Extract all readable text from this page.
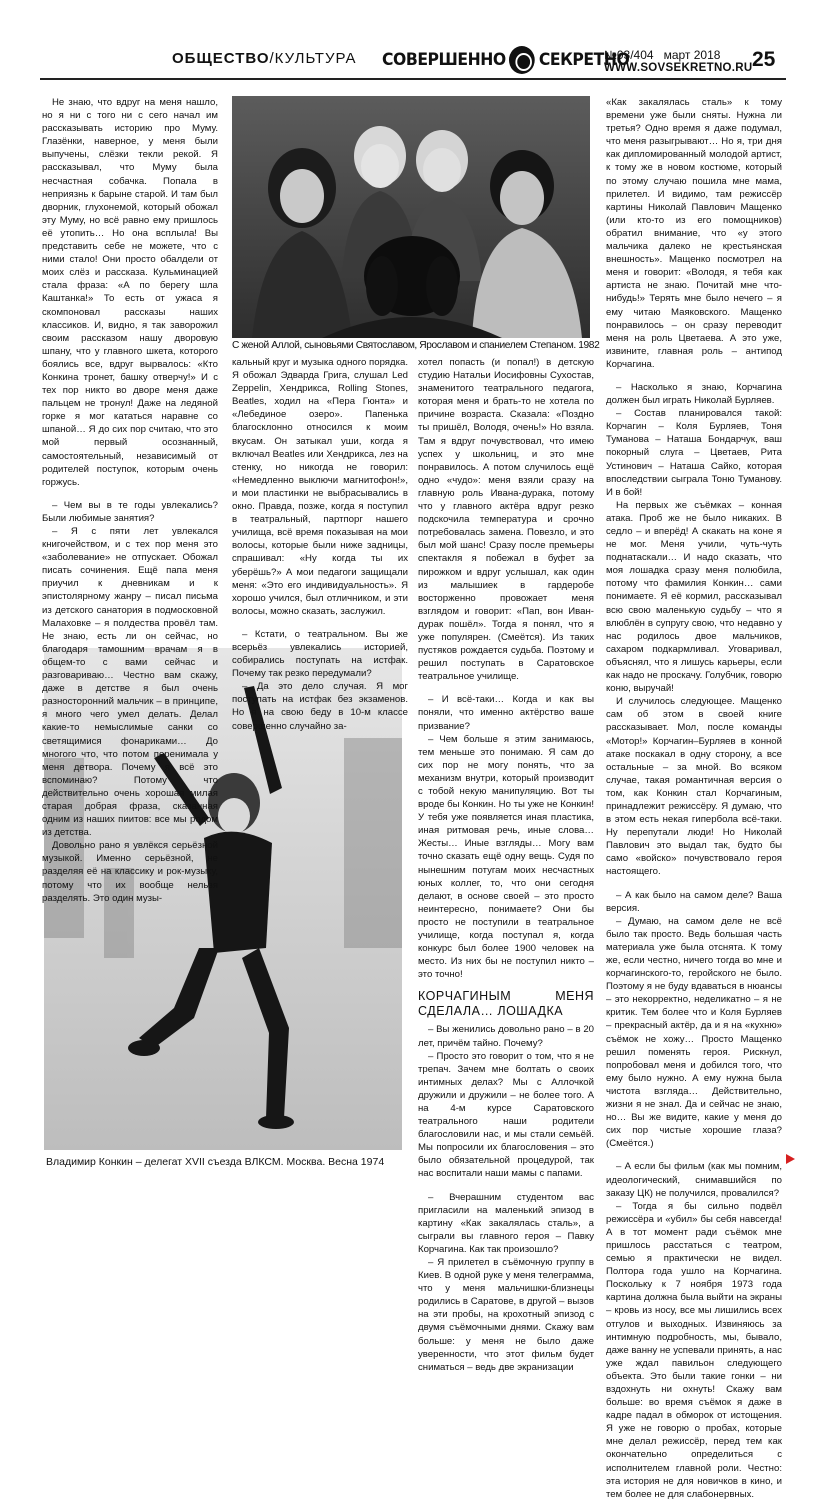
ОБЩЕСТВО/КУЛЬТУРА СОВЕРШЕННО СЕКРЕТНО
№03/404   март 2018
WWW.SOVSEKRETNO.RU 25
С женой Аллой, сыновьями Святославом, Ярославом и спаниелем Степаном. 1982
Владимир Конкин – делегат XVII съезда ВЛКСМ. Москва. Весна 1974

Не знаю, что вдруг на меня нашло, но я ни с того ни с сего начал им рассказывать историю про Муму. Глазёнки, наверное, у меня были выпучены, слёзки текли рекой. Я рассказывал, что Муму была несчастная собачка. Попала в неприязнь к барыне старой. И там был дворник, глухонемой, который обожал эту Муму, но всё равно ему пришлось её утопить… Но она всплыла! Вы представить себе не можете, что с ними стало! Они просто обалдели от моих слёз и рассказа. Кульминацией стала фраза: «А по берегу шла Каштанка!» То есть от ужаса я скомпоновал рассказы наших классиков. И, видно, я так заворожил своим рассказом нашу дворовую шпану, что у главного шкета, которого боялись все, вдруг вырвалось: «Кто Конкина тронет, башку отверчу!» И с тех пор никто во дворе меня даже пальцем не тронул! Даже на ледяной горке я мог кататься наравне со шпаной… Я до сих пор считаю, что это мой первый осознанный, самостоятельный, независимый от родителей поступок, которым очень горжусь.

– Чем вы в те годы увлекались? Были любимые занятия?

– Я с пяти лет увлекался книгочейством, и с тех пор меня это «заболевание» не отпускает. Обожал писать сочинения. Ещё папа меня приучил к дневникам и к эпистолярному жанру – писал письма из детского санатория в подмосковной Малаховке – я полдества провёл там. Не знаю, есть ли он сейчас, но благодаря тамошним врачам я в общем-то с вами сейчас и разговариваю… Честно вам скажу, даже в детстве я был очень разносторонний мальчик – в принципе, я много чего умел делать. Делал какие-то немыслимые санки со светящимися фонариками… До многого что, что потом перенимала у меня детвора. Почему я всё это вспоминаю? Потому что действительно очень хорошая милая старая добрая фраза, сказанная одним из наших пиитов: все мы родом из детства.

Довольно рано я увлёкся серьёзной музыкой. Именно серьёзной, не разделяя её на классику и рок-музыку, потому что их вообще нельзя разделять. Это один музы-

кальный круг и музыка одного порядка. Я обожал Эдварда Грига, слушал Led Zeppelin, Хендрикса, Rolling Stones, Beatles, ходил на «Пера Гюнта» и «Лебединое озеро». Папенька благосклонно относился к моим вкусам. Он затыкал уши, когда я включал Beatles или Хендрикса, лез на стенку, но никогда не говорил: «Немедленно выключи магнитофон!», и мои пластинки не выбрасывались в окно. Правда, позже, когда я поступил в театральный, партпорг нашего училища, всё время показывая на мои волосы, которые были ниже задницы, спрашивал: «Ну когда ты их уберёшь?» А мои педагоги защищали меня: «Это его индивидуальность». Я хорошо учился, был отличником, и эти волосы, можно сказать, заслужил.

– Кстати, о театральном. Вы же всерьёз увлекались историей, собирались поступать на истфак. Почему так резко передумали?

– Да это дело случая. Я мог поступать на истфак без экзаменов. Но я на свою беду в 10-м классе совершенно случайно за-

хотел попасть (и попал!) в детскую студию Натальи Иосифовны Сухостав, знаменитого театрального педагога, которая меня и брать-то не хотела по причине возраста. Сказала: «Поздно ты пришёл, Володя, очень!» Но взяла. Там я вдруг почувствовал, что имею успех у школьниц, и это мне понравилось. А потом случилось ещё одно «чудо»: меня взяли сразу на главную роль Ивана-дурака, потому что у главного актёра вдруг резко подскочила температура и срочно потребовалась замена. Повезло, и это был мой шанс! Сразу после премьеры спектакля я побежал в буфет за пирожком и вдруг услышал, как один из малышиек в гардеробе восторженно провожает меня взглядом и говорит: «Пап, вон Иван-дурак пошёл». Тогда я понял, что я уже популярен. (Смеётся). Из таких пустяков рождается судьба. Поэтому и решил поступать в Саратовское театральное училище.

– И всё-таки… Когда и как вы поняли, что именно актёрство ваше призвание?

– Чем больше я этим занимаюсь, тем меньше это понимаю. Я сам до сих пор не могу понять, что за механизм внутри, который производит с тобой некую манипуляцию. Вот ты вроде бы Конкин. Но ты уже не Конкин! У тебя уже появляется иная пластика, иная ритмовая речь, иные слова… Жесты… Иные взгляды… Могу вам точно сказать ещё одну вещь. Судя по нынешним потугам моих несчастных юных коллег, то, что они сегодня делают, в основе своей – это просто неинтересно, понимаете? Они бы просто не поступили в театральное училище, когда поступал я, когда конкурс был более 1900 человек на место. Из них бы не поступил никто – это точно!

КОРЧАГИНЫМ МЕНЯ СДЕЛАЛА… ЛОШАДКА

– Вы женились довольно рано – в 20 лет, причём тайно. Почему?

– Просто это говорит о том, что я не трепач. Зачем мне болтать о своих интимных делах? Мы с Аллочкой дружили и дружили – не более того. А на 4-м курсе Саратовского театрального наши родители благословили нас, и мы стали семьёй. Мы попросили их благословения – это было обязательной процедурой, так нас воспитали наши мамы с папами.

– Вчерашним студентом вас пригласили на маленький эпизод в картину «Как закалялась сталь», а сыграли вы главного героя – Павку Корчагина. Как так произошло?

– Я прилетел в съёмочную группу в Киев. В одной руке у меня телеграмма, что у меня мальчишки-близнецы родились в Саратове, в другой – вызов на эти пробы, на крохотный эпизод с двумя съёмочными днями. Скажу вам больше: у меня не было даже уверенности, что этот фильм будет сниматься – ведь две экранизации

«Как закалялась сталь» к тому времени уже были сняты. Нужна ли третья? Одно время я даже подумал, что меня разыгрывают… Но я, три дня как дипломированный молодой артист, к тому же в новом костюме, который по этому случаю пошила мне мама, прилетел. И видимо, там режиссёр картины Николай Павлович Мащенко (или кто-то из его помощников) обратил внимание, что «у этого мальчика далеко не крестьянская внешность». Мащенко посмотрел на меня и говорит: «Володя, я тебя как артиста не знаю. Почитай мне что-нибудь!» Терять мне было нечего – я ему читаю Маяковского. Мащенко понравилось – он сразу переводит меня на роль Цветаева. А это уже, извините, главная роль – антипод Корчагина.

– Насколько я знаю, Корчагина должен был играть Николай Бурляев.

– Состав планировался такой: Корчагин – Коля Бурляев, Тоня Туманова – Наташа Бондарчук, ваш покорный слуга – Цветаев, Рита Устинович – Наташа Сайко, которая впоследствии сыграла Тоню Туманову. И в бой!

На первых же съёмках – конная атака. Проб же не было никаких. В седло – и вперёд! А скакать на коне я не мог. Меня учили, чуть-чуть поднатаскали… И надо сказать, что моя лошадка сразу меня полюбила, потому что фамилия Конкин… сами понимаете. Я её кормил, рассказывал всю свою маленькую судьбу – что я влюблён в супругу свою, что недавно у нас родилось двое мальчиков, сахаром подкармливал. Уговаривал, объяснял, что я лишусь карьеры, если как надо не проскачу. Голубчик, говорю коню, выручай!

И случилось следующее. Мащенко сам об этом в своей книге рассказывает. Мол, после команды «Мотор!» Корчагин–Бурляев в конной атаке поскакал в одну сторону, а все остальные – за мной. Во всяком случае, такая романтичная версия о том, как Конкин стал Корчагиным, принадлежит режиссёру. Я думаю, что в этом есть некая гипербола всё-таки. Ну перепутали люди! Но Николай Павлович это выдал так, будто бы само «войско» почувствовало героя настоящего.

– А как было на самом деле? Ваша версия.

– Думаю, на самом деле не всё было так просто. Ведь большая часть материала уже была отснята. К тому же, если честно, ничего тогда во мне и корчагинского-то, геройского не было. Поэтому я не буду вдаваться в нюансы – это некорректно, неделикатно – я не критик. Тем более что и Коля Бурляев – прекрасный актёр, да и я на «кухню» съёмок не хожу… Просто Мащенко решил поменять героя. Рискнул, попробовал меня и добился того, что ему было нужно. А ему нужна была чистота взгляда… Действительно, жизни я не знал. Да и сейчас не знаю, но… Вы же видите, какие у меня до сих пор чистые хорошие глаза? (Смеётся.)

– А если бы фильм (как мы помним, идеологический, снимавшийся по заказу ЦК) не получился, провалился?

– Тогда я бы сильно подвёл режиссёра и «убил» бы себя навсегда! А в тот момент ради съёмок мне пришлось расстаться с театром, семью я практически не видел. Полтора года ушло на Корчагина. Поскольку к 7 ноября 1973 года картина должна была выйти на экраны – кровь из носу, все мы лишились всех отгулов и выходных. Извиняюсь за интимную подробность, мы, бывало, даже ванну не успевали принять, а нас уже ждал павильон следующего объекта. Это были такие гонки – ни вздохнуть ни охнуть! Скажу вам больше: во время съёмок я даже в кадре падал в обморок от истощения. Я уже не говорю о пробах, которые мне делал режиссёр, перед тем как окончательно определиться с исполнителем главной роли. Честно: эта история не для новичков в кино, и тем более не для слабонервных.
